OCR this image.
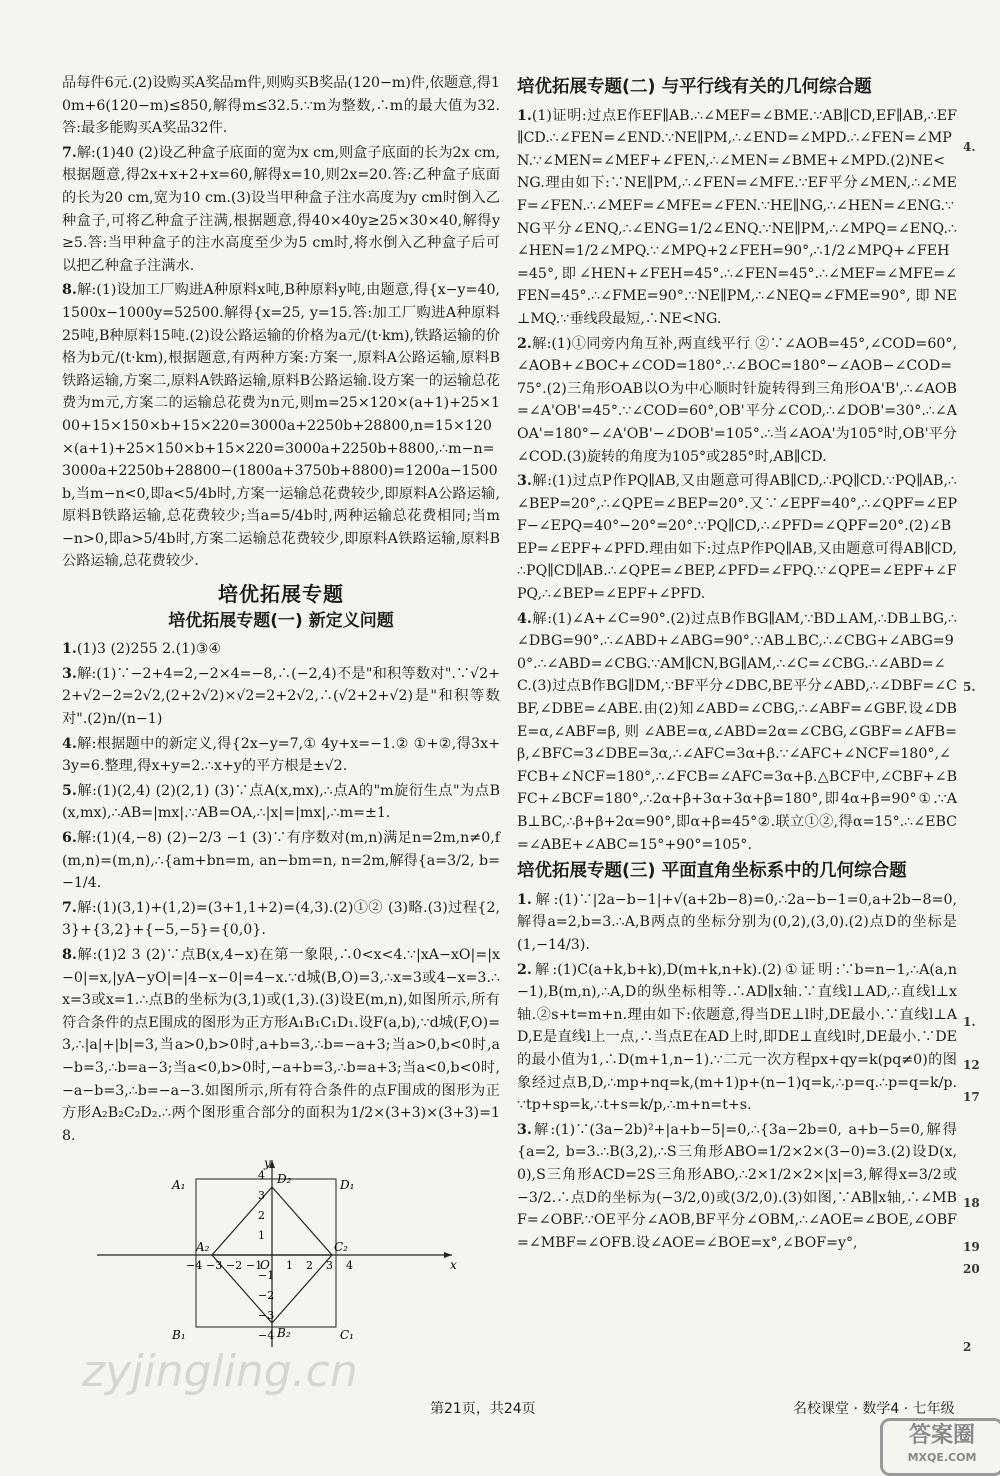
品每件6元.(2)设购买A奖品m件,则购买B奖品(120−m)件,依题意,得10m+6(120−m)≤850,解得m≤32.5.∵m为整数,∴m的最大值为32.答:最多能购买A奖品32件.

7.解:(1)40 (2)设乙种盒子底面的宽为x cm,则盒子底面的长为2x cm,根据题意,得2x+x+2+x=60,解得x=10,则2x=20.答:乙种盒子底面的长为20 cm,宽为10 cm.(3)设当甲种盒子注水高度为y cm时倒入乙种盒子,可将乙种盒子注满,根据题意,得40×40y≥25×30×40,解得y≥5.答:当甲种盒子的注水高度至少为5 cm时,将水倒入乙种盒子后可以把乙种盒子注满水.

8.解:(1)设加工厂购进A种原料x吨,B种原料y吨,由题意,得{x−y=40, 1500x−1000y=52500.解得{x=25, y=15.答:加工厂购进A种原料25吨,B种原料15吨.(2)设公路运输的价格为a元/(t·km),铁路运输的价格为b元/(t·km),根据题意,有两种方案:方案一,原料A公路运输,原料B铁路运输,方案二,原料A铁路运输,原料B公路运输.设方案一的运输总花费为m元,方案二的运输总花费为n元,则m=25×120×(a+1)+25×100+15×150×b+15×220=3000a+2250b+28800,n=15×120×(a+1)+25×150×b+15×220=3000a+2250b+8800,∴m−n=3000a+2250b+28800−(1800a+3750b+8800)=1200a−1500b,当m−n<0,即a<5/4b时,方案一运输总花费较少,即原料A公路运输,原料B铁路运输,总花费较少;当a=5/4b时,两种运输总花费相同;当m−n>0,即a>5/4b时,方案二运输总花费较少,即原料A铁路运输,原料B公路运输,总花费较少.

培优拓展专题
培优拓展专题(一) 新定义问题

1.(1)3 (2)255 2.(1)③④

3.解:(1)∵−2+4=2,−2×4=−8,∴(−2,4)不是"和积等数对".∵√2+2+√2−2=2√2,(2+2√2)×√2=2+2√2,∴(√2+2+√2)是"和积等数对".(2)n/(n−1)

4.解:根据题中的新定义,得{2x−y=7,① 4y+x=−1.② ①+②,得3x+3y=6.整理,得x+y=2.∴x+y的平方根是±√2.

5.解:(1)(2,4) (2)(2,1) (3)∵点A(x,mx),∴点A的"m旋衍生点"为点B(x,mx),∴AB=|mx|.∵AB=OA,∴|x|=|mx|,∴m=±1.

6.解:(1)(4,−8) (2)−2/3 −1 (3)∵有序数对(m,n)满足n=2m,n≠0,f(m,n)=(m,n),∴{am+bn=m, an−bm=n, n=2m,解得{a=3/2, b=−1/4.

7.解:(1)(3,1)+(1,2)=(3+1,1+2)=(4,3).(2)①② (3)略.(3)过程{2,3}+{3,2}+{−5,−5}={0,0}.

8.解:(1)2 3 (2)∵点B(x,4−x)在第一象限,∴0<x<4.∵|xA−xO|=|x−0|=x,|yA−yO|=|4−x−0|=4−x.∵d城(B,O)=3,∴x=3或4−x=3.∴x=3或x=1.∴点B的坐标为(3,1)或(1,3).(3)设E(m,n),如图所示,所有符合条件的点E围成的图形为正方形A₁B₁C₁D₁.设F(a,b),∵d城(F,O)=3,∴|a|+|b|=3,当a>0,b>0时,a+b=3,∴b=−a+3;当a>0,b<0时,a−b=3,∴b=a−3;当a<0,b>0时,−a+b=3,∴b=a+3;当a<0,b<0时,−a−b=3,∴b=−a−3.如图所示,所有符合条件的点F围成的图形为正方形A₂B₂C₂D₂.∴两个图形重合部分的面积为1/2×(3+3)×(3+3)=18.

y
x
O
A₁	D₁
B₁	C₁
A₂	C₂
D₂
B₂
−4 −3 −2 −1 1 2 3 4
4
3
2
1
−1
−2
−3
−4
培优拓展专题(二) 与平行线有关的几何综合题

1.(1)证明:过点E作EF∥AB.∴∠MEF=∠BME.∵AB∥CD,EF∥AB,∴EF∥CD.∴∠FEN=∠END.∵NE∥PM,∴∠END=∠MPD.∴∠FEN=∠MPN.∵∠MEN=∠MEF+∠FEN,∴∠MEN=∠BME+∠MPD.(2)NE<NG.理由如下:∵NE∥PM,∴∠FEN=∠MFE.∵EF平分∠MEN,∴∠MEF=∠FEN.∴∠MEF=∠MFE=∠FEN.∵HE∥NG,∴∠HEN=∠ENG.∵NG平分∠ENQ,∴∠ENG=1/2∠ENQ.∵NE∥PM,∴∠MPQ=∠ENQ.∴∠HEN=1/2∠MPQ.∵∠MPQ+2∠FEH=90°,∴1/2∠MPQ+∠FEH=45°,即∠HEN+∠FEH=45°.∴∠FEN=45°.∴∠MEF=∠MFE=∠FEN=45°.∴∠FME=90°.∵NE∥PM,∴∠NEQ=∠FME=90°,即NE⊥MQ.∵垂线段最短,∴NE<NG.

2.解:(1)①同旁内角互补,两直线平行 ②∵∠AOB=45°,∠COD=60°,∠AOB+∠BOC+∠COD=180°.∴∠BOC=180°−∠AOB−∠COD=75°.(2)三角形OAB以O为中心顺时针旋转得到三角形OA'B',∴∠AOB=∠A'OB'=45°.∵∠COD=60°,OB'平分∠COD,∴∠DOB'=30°.∴∠AOA'=180°−∠A'OB'−∠DOB'=105°.∴当∠AOA'为105°时,OB'平分∠COD.(3)旋转的角度为105°或285°时,AB∥CD.

3.解:(1)过点P作PQ∥AB,又由题意可得AB∥CD,∴PQ∥CD.∵PQ∥AB,∴∠BEP=20°,∴∠QPE=∠BEP=20°.又∵∠EPF=40°,∴∠QPF=∠EPF−∠EPQ=40°−20°=20°.∵PQ∥CD,∴∠PFD=∠QPF=20°.(2)∠BEP=∠EPF+∠PFD.理由如下:过点P作PQ∥AB,又由题意可得AB∥CD,∴PQ∥CD∥AB.∴∠QPE=∠BEP,∠PFD=∠FPQ.∵∠QPE=∠EPF+∠FPQ,∴∠BEP=∠EPF+∠PFD.

4.解:(1)∠A+∠C=90°.(2)过点B作BG∥AM,∵BD⊥AM,∴DB⊥BG,∴∠DBG=90°.∴∠ABD+∠ABG=90°.∵AB⊥BC,∴∠CBG+∠ABG=90°.∴∠ABD=∠CBG.∵AM∥CN,BG∥AM,∴∠C=∠CBG.∴∠ABD=∠C.(3)过点B作BG∥DM,∵BF平分∠DBC,BE平分∠ABD,∴∠DBF=∠CBF,∠DBE=∠ABE.由(2)知∠ABD=∠CBG,∴∠ABF=∠GBF.设∠DBE=α,∠ABF=β,则∠ABE=α,∠ABD=2α=∠CBG,∠GBF=∠AFB=β,∠BFC=3∠DBE=3α,∴∠AFC=3α+β.∵∠AFC+∠NCF=180°,∠FCB+∠NCF=180°,∴∠FCB=∠AFC=3α+β.△BCF中,∠CBF+∠BFC+∠BCF=180°,∴2α+β+3α+3α+β=180°,即4α+β=90°①.∵AB⊥BC,∴β+β+2α=90°,即α+β=45°②.联立①②,得α=15°.∴∠EBC=∠ABE+∠ABC=15°+90°=105°.

培优拓展专题(三) 平面直角坐标系中的几何综合题

1.解:(1)∵|2a−b−1|+√(a+2b−8)=0,∴2a−b−1=0,a+2b−8=0,解得a=2,b=3.∴A,B两点的坐标分别为(0,2),(3,0).(2)点D的坐标是(1,−14/3).

2.解:(1)C(a+k,b+k),D(m+k,n+k).(2)①证明:∵b=n−1,∴A(a,n−1),B(m,n),∴A,D的纵坐标相等.∴AD∥x轴.∵直线l⊥AD,∴直线l⊥x轴.②s+t=m+n.理由如下:依题意,得当DE⊥l时,DE最小.∵直线l⊥AD,E是直线l上一点,∴当点E在AD上时,即DE⊥直线l时,DE最小.∵DE的最小值为1,∴D(m+1,n−1).∵二元一次方程px+qy=k(pq≠0)的图象经过点B,D,∴mp+nq=k,(m+1)p+(n−1)q=k,∴p=q.∴p=q=k/p.∵tp+sp=k,∴t+s=k/p,∴m+n=t+s.

3.解:(1)∵(3a−2b)²+|a+b−5|=0,∴{3a−2b=0, a+b−5=0,解得{a=2, b=3.∴B(3,2),∴S三角形ABO=1/2×2×(3−0)=3.(2)设D(x,0),S三角形ACD=2S三角形ABO,∴2×1/2×2×|x|=3,解得x=3/2或−3/2.∴点D的坐标为(−3/2,0)或(3/2,0).(3)如图,∵AB∥x轴,∴∠MBF=∠OBF.∵OE平分∠AOB,BF平分∠OBM,∴∠AOE=∠BOE,∠OBF=∠MBF=∠OFB.设∠AOE=∠BOE=x°,∠BOF=y°,

4.
5.
1.
12
17
18
19
20
2
第21页，共24页	名校课堂 · 数学4 · 七年级
zyjingling.cn
答案圈
MXQE.COM
